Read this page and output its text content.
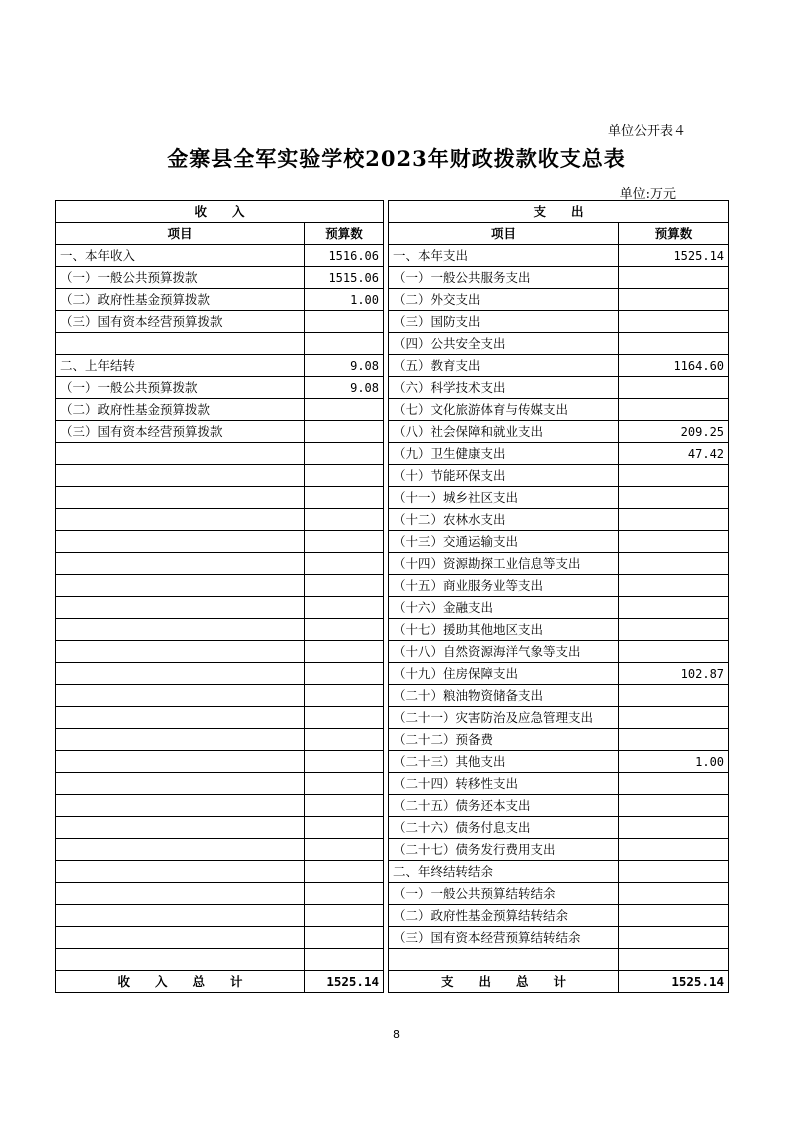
单位公开表４
金寨县全军实验学校2023年财政拨款收支总表
单位:万元
收　　入			支　　出	
项目	预算数		项目	预算数
一、本年收入	1516.06		一、本年支出	1525.14
（一）一般公共预算拨款	1515.06		（一）一般公共服务支出	
（二）政府性基金预算拨款	1.00		（二）外交支出	
（三）国有资本经营预算拨款			（三）国防支出	
			（四）公共安全支出	
二、上年结转	9.08		（五）教育支出	1164.60
（一）一般公共预算拨款	9.08		（六）科学技术支出	
（二）政府性基金预算拨款			（七）文化旅游体育与传媒支出	
（三）国有资本经营预算拨款			（八）社会保障和就业支出	209.25
			（九）卫生健康支出	47.42
			（十）节能环保支出	
			（十一）城乡社区支出	
			（十二）农林水支出	
			（十三）交通运输支出	
			（十四）资源勘探工业信息等支出	
			（十五）商业服务业等支出	
			（十六）金融支出	
			（十七）援助其他地区支出	
			（十八）自然资源海洋气象等支出	
			（十九）住房保障支出	102.87
			（二十）粮油物资储备支出	
			（二十一）灾害防治及应急管理支出	
			（二十二）预备费	
			（二十三）其他支出	1.00
			（二十四）转移性支出	
			（二十五）债务还本支出	
			（二十六）债务付息支出	
			（二十七）债务发行费用支出	
			二、年终结转结余	
			（一）一般公共预算结转结余	
			（二）政府性基金预算结转结余	
			（三）国有资本经营预算结转结余	

收　　入　　总　　计	1525.14		支　　出　　总　　计	1525.14
8
